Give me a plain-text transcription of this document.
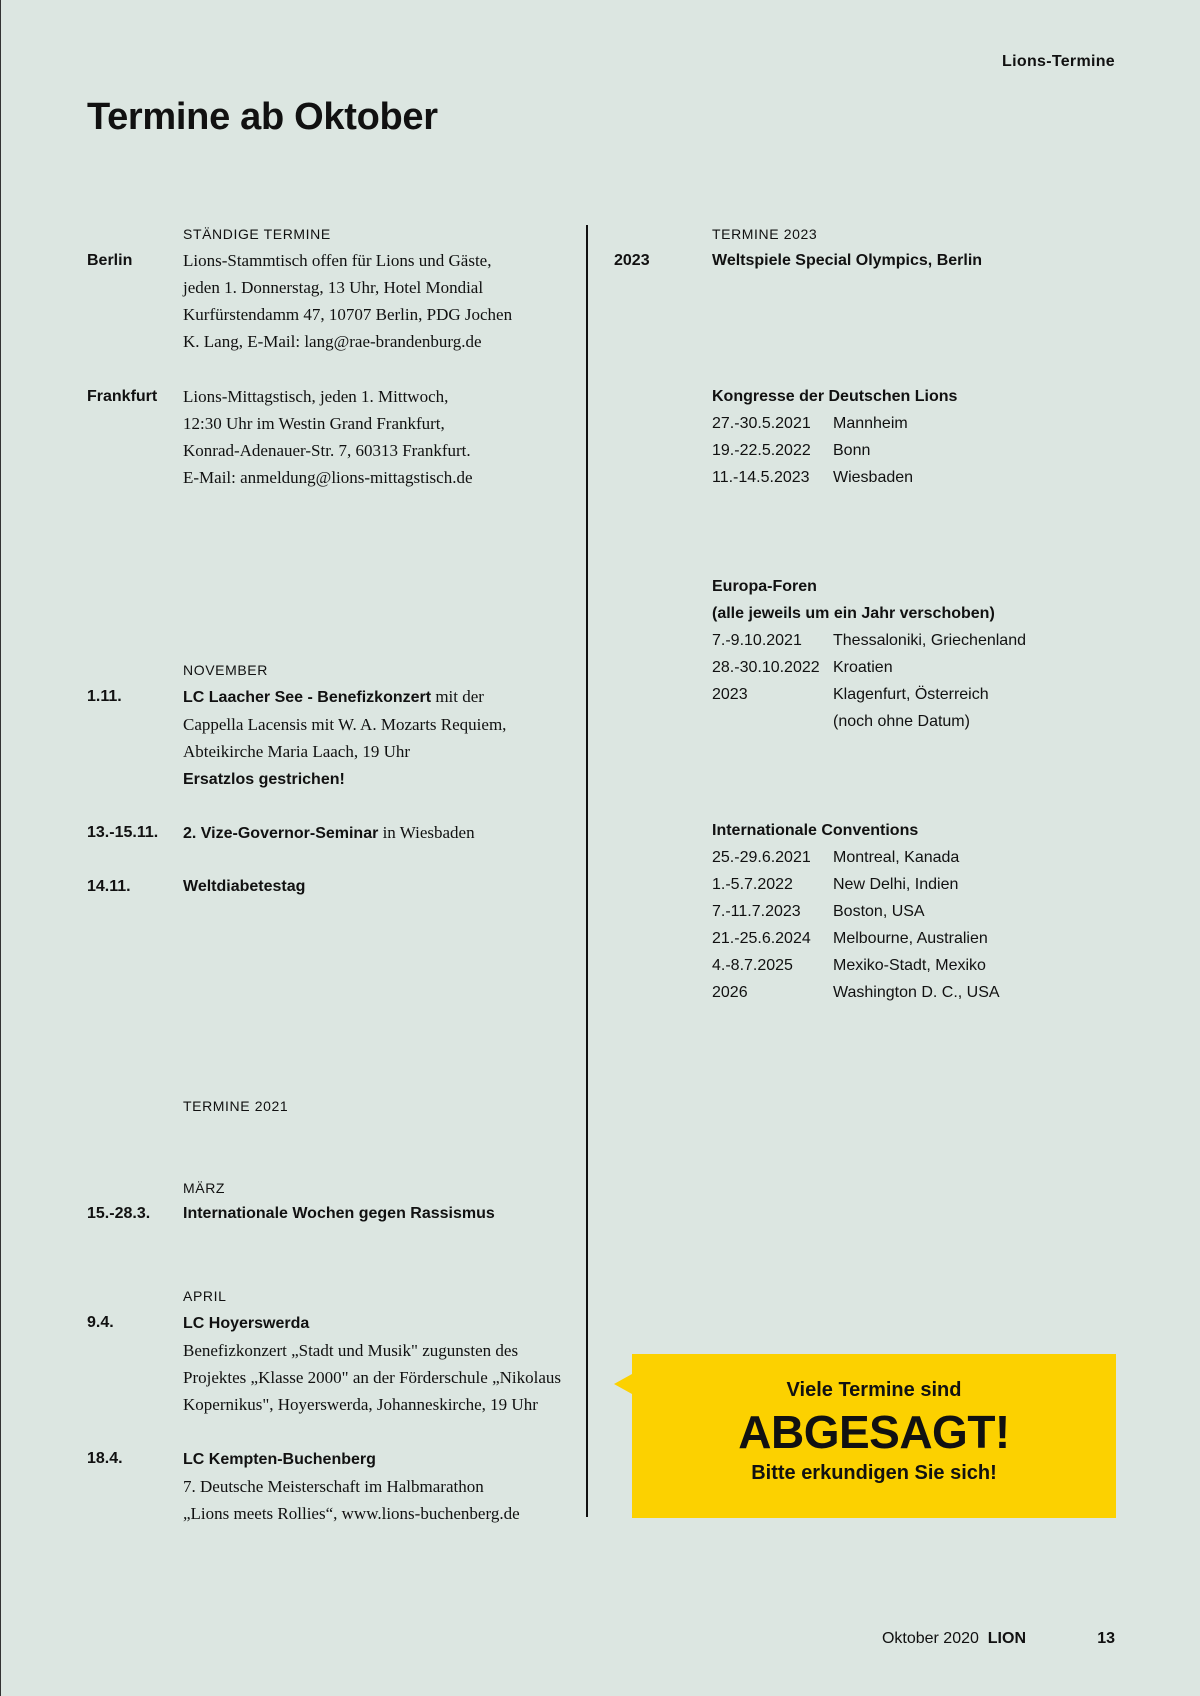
Lions-Termine
Termine ab Oktober
STÄNDIGE TERMINE
Berlin	Lions-Stammtisch offen für Lions und Gäste,
jeden 1. Donnerstag, 13 Uhr, Hotel Mondial
Kurfürstendamm 47, 10707 Berlin, PDG Jochen
K. Lang, E-Mail: lang@rae-brandenburg.de
Frankfurt Lions-Mittagstisch, jeden 1. Mittwoch,
12:30 Uhr im Westin Grand Frankfurt,
Konrad-Adenauer-Str. 7, 60313 Frankfurt.
E-Mail: anmeldung@lions-mittagstisch.de
NOVEMBER
1.11.	LC Laacher See - Benefizkonzert mit der
Cappella Lacensis mit W. A. Mozarts Requiem,
Abteikirche Maria Laach, 19 Uhr
Ersatzlos gestrichen!
13.-15.11. 2. Vize-Governor-Seminar in Wiesbaden
14.11.	Weltdiabetestag
TERMINE 2021
MÄRZ
15.-28.3. Internationale Wochen gegen Rassismus
APRIL
9.4.	LC Hoyerswerda
Benefizkonzert „Stadt und Musik" zugunsten des
Projektes „Klasse 2000" an der Förderschule „Nikolaus
Kopernikus", Hoyerswerda, Johanneskirche, 19 Uhr
18.4.	LC Kempten-Buchenberg
7. Deutsche Meisterschaft im Halbmarathon
„Lions meets Rollies“, www.lions-buchenberg.de
TERMINE 2023
2023	Weltspiele Special Olympics, Berlin
Kongresse der Deutschen Lions
27.-30.5.2021	Mannheim
19.-22.5.2022	Bonn
11.-14.5.2023	Wiesbaden
Europa-Foren
(alle jeweils um ein Jahr verschoben)
7.-9.10.2021	Thessaloniki, Griechenland
28.-30.10.2022 Kroatien
2023	Klagenfurt, Österreich
(noch ohne Datum)
Internationale Conventions
25.-29.6.2021	Montreal, Kanada
1.-5.7.2022	New Delhi, Indien
7.-11.7.2023	Boston, USA
21.-25.6.2024	Melbourne, Australien
4.-8.7.2025	Mexiko-Stadt, Mexiko
2026	Washington D. C., USA
Viele Termine sind
ABGESAGT!
Bitte erkundigen Sie sich!
Oktober 2020 LION	13
